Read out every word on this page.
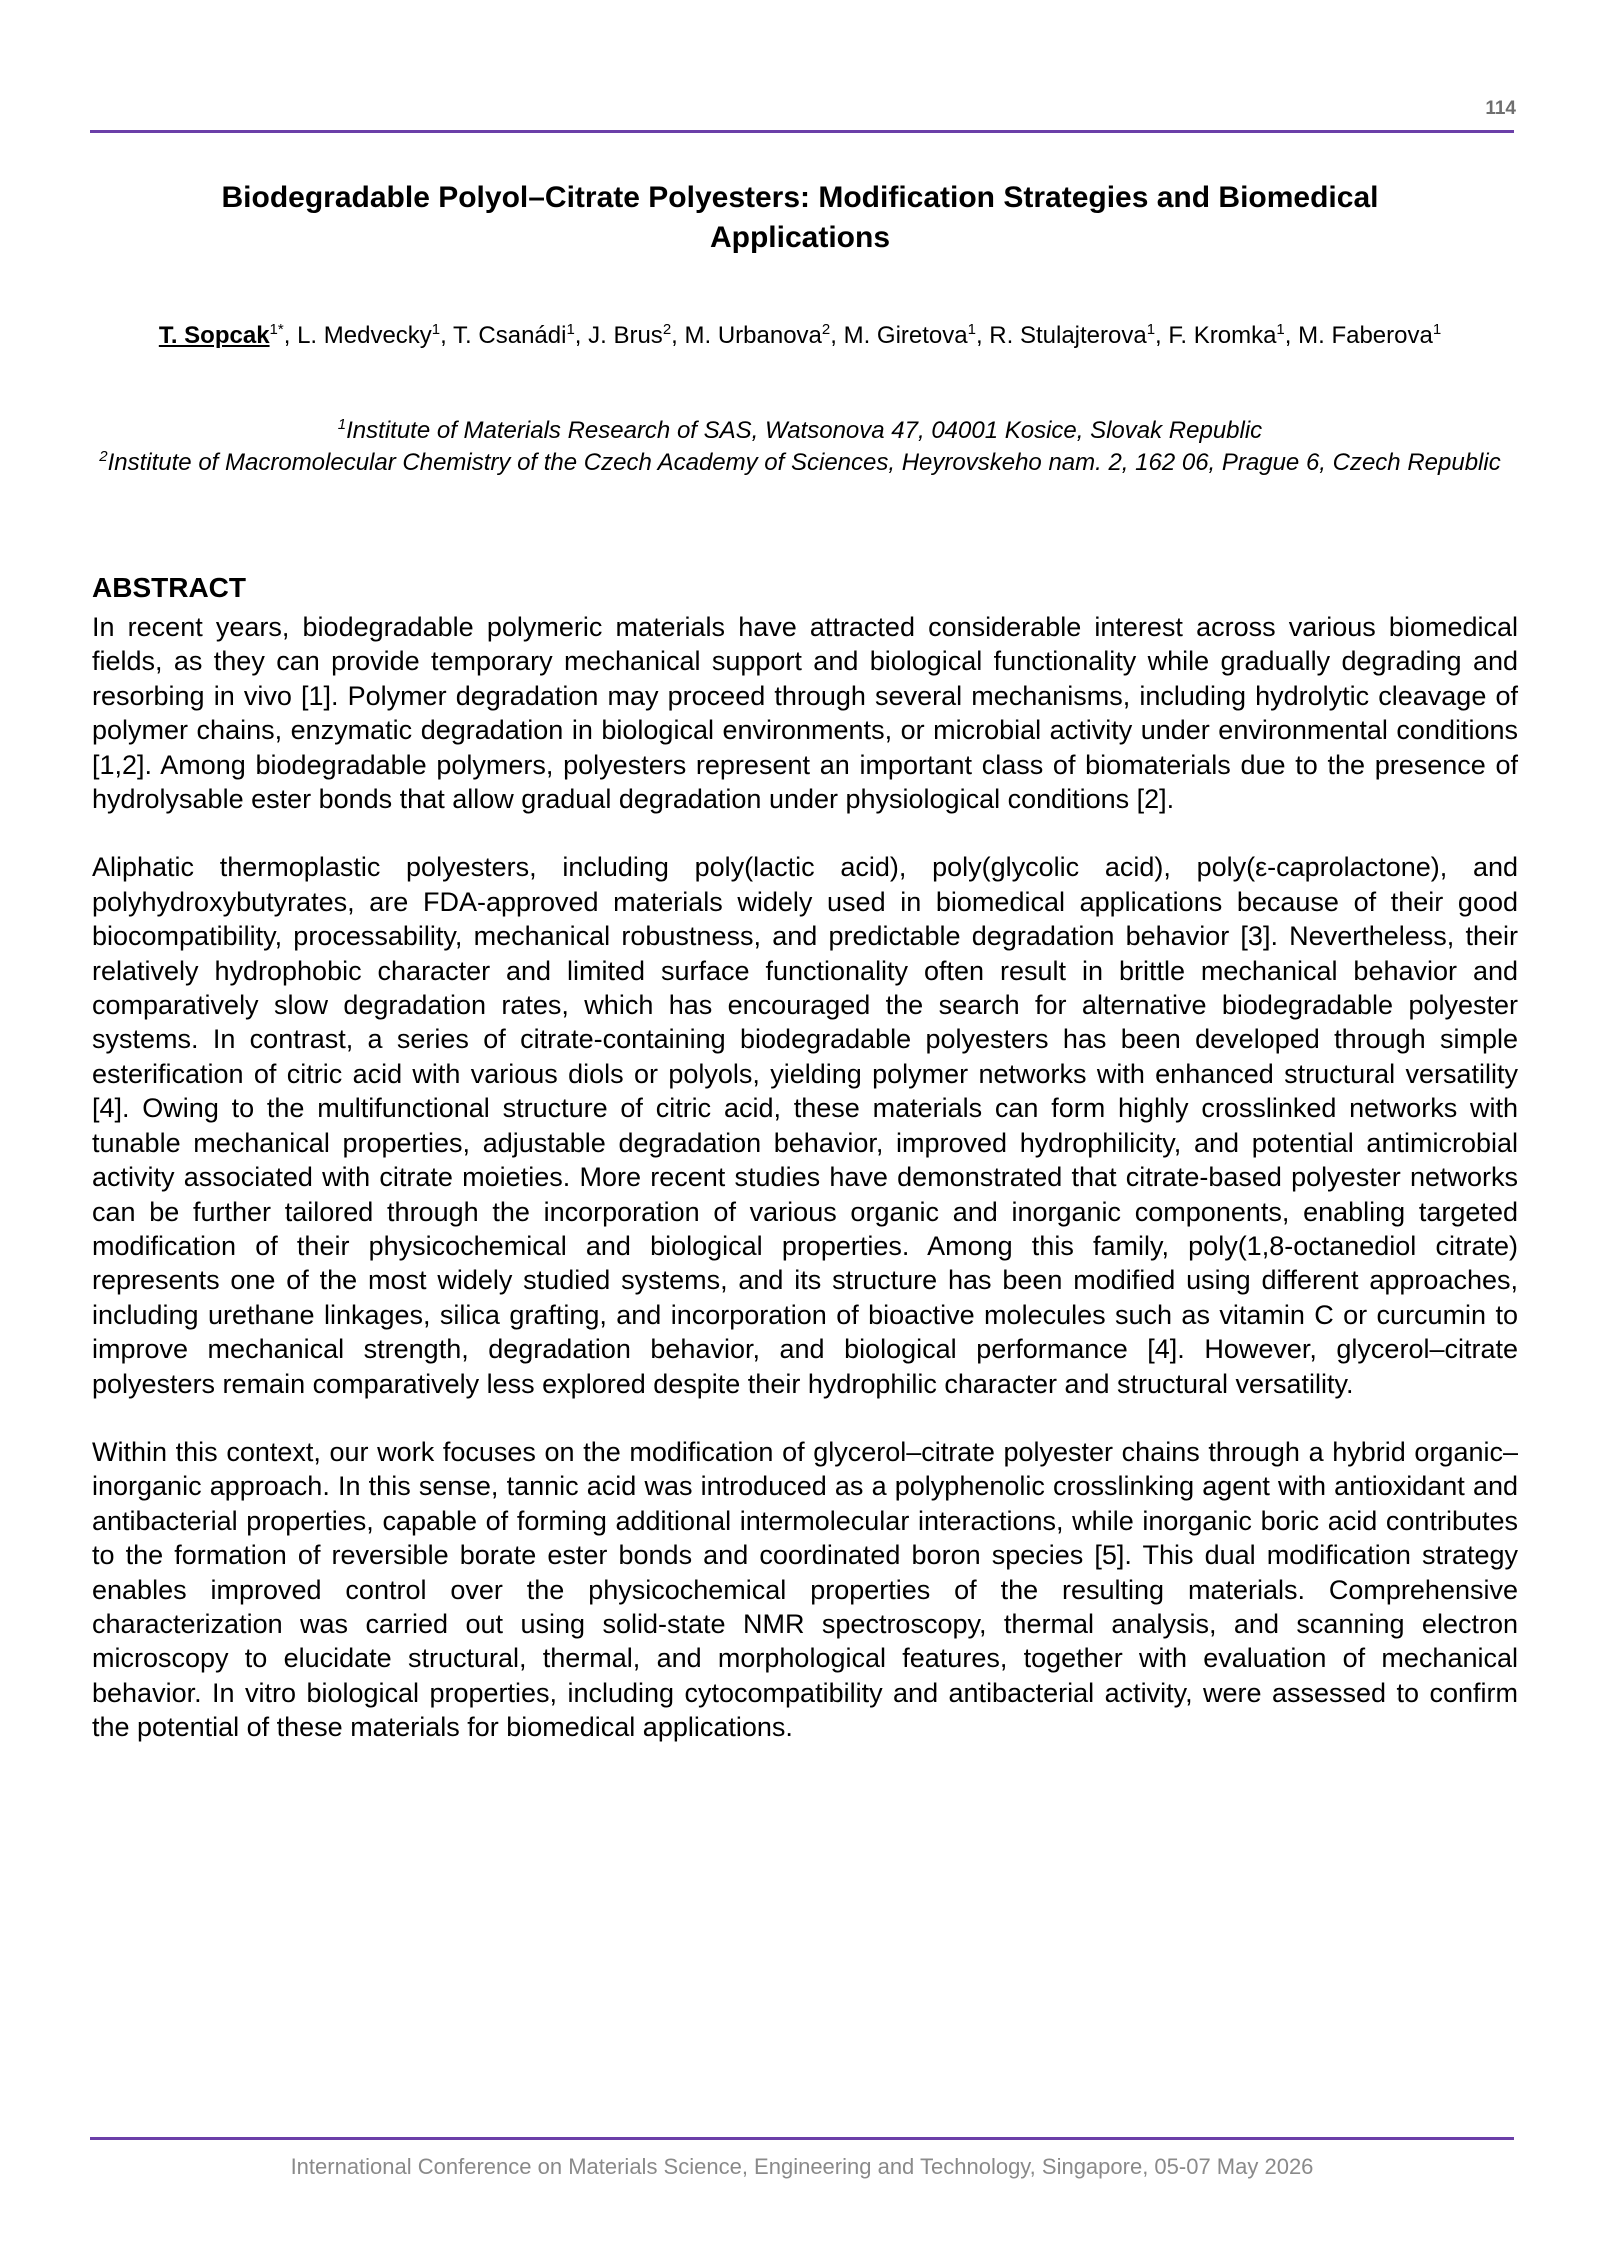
114
Biodegradable Polyol–Citrate Polyesters: Modification Strategies and Biomedical Applications
T. Sopcak$^{1*}$, L. Medvecky$^1$, T. Csanádi$^1$, J. Brus$^2$, M. Urbanova$^2$, M. Giretova$^1$, R. Stulajterova$^1$, F. Kromka$^1$, M. Faberova$^1$
$^1$Institute of Materials Research of SAS, Watsonova 47, 04001 Kosice, Slovak Republic
$^2$Institute of Macromolecular Chemistry of the Czech Academy of Sciences, Heyrovskeho nam. 2, 162 06, Prague 6, Czech Republic
ABSTRACT

In recent years, biodegradable polymeric materials have attracted considerable interest across various biomedical fields, as they can provide temporary mechanical support and biological functionality while gradually degrading and resorbing in vivo [1]. Polymer degradation may proceed through several mechanisms, including hydrolytic cleavage of polymer chains, enzymatic degradation in biological environments, or microbial activity under environmental conditions [1,2]. Among biodegradable polymers, polyesters represent an important class of biomaterials due to the presence of hydrolysable ester bonds that allow gradual degradation under physiological conditions [2].

Aliphatic thermoplastic polyesters, including poly(lactic acid), poly(glycolic acid), poly(ε-caprolactone), and polyhydroxybutyrates, are FDA-approved materials widely used in biomedical applications because of their good biocompatibility, processability, mechanical robustness, and predictable degradation behavior [3]. Nevertheless, their relatively hydrophobic character and limited surface functionality often result in brittle mechanical behavior and comparatively slow degradation rates, which has encouraged the search for alternative biodegradable polyester systems. In contrast, a series of citrate-containing biodegradable polyesters has been developed through simple esterification of citric acid with various diols or polyols, yielding polymer networks with enhanced structural versatility [4]. Owing to the multifunctional structure of citric acid, these materials can form highly crosslinked networks with tunable mechanical properties, adjustable degradation behavior, improved hydrophilicity, and potential antimicrobial activity associated with citrate moieties. More recent studies have demonstrated that citrate-based polyester networks can be further tailored through the incorporation of various organic and inorganic components, enabling targeted modification of their physicochemical and biological properties. Among this family, poly(1,8-octanediol citrate) represents one of the most widely studied systems, and its structure has been modified using different approaches, including urethane linkages, silica grafting, and incorporation of bioactive molecules such as vitamin C or curcumin to improve mechanical strength, degradation behavior, and biological performance [4]. However, glycerol–citrate polyesters remain comparatively less explored despite their hydrophilic character and structural versatility.

Within this context, our work focuses on the modification of glycerol–citrate polyester chains through a hybrid organic–inorganic approach. In this sense, tannic acid was introduced as a polyphenolic crosslinking agent with antioxidant and antibacterial properties, capable of forming additional intermolecular interactions, while inorganic boric acid contributes to the formation of reversible borate ester bonds and coordinated boron species [5]. This dual modification strategy enables improved control over the physicochemical properties of the resulting materials. Comprehensive characterization was carried out using solid-state NMR spectroscopy, thermal analysis, and scanning electron microscopy to elucidate structural, thermal, and morphological features, together with evaluation of mechanical behavior. In vitro biological properties, including cytocompatibility and antibacterial activity, were assessed to confirm the potential of these materials for biomedical applications.

International Conference on Materials Science, Engineering and Technology, Singapore, 05-07 May 2026
